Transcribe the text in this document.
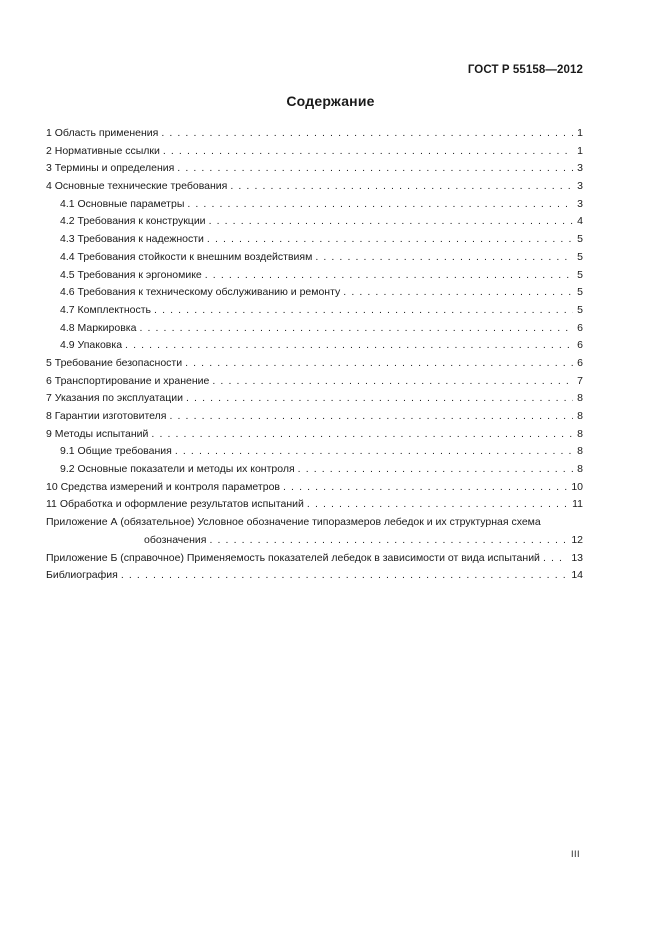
ГОСТ Р 55158—2012
Содержание
1 Область применения . . .	1
2 Нормативные ссылки . . .	1
3 Термины и определения . . .	3
4 Основные технические требования . . .	3
4.1 Основные параметры . . .	3
4.2 Требования к конструкции . . .	4
4.3 Требования к надежности . . .	5
4.4 Требования стойкости к внешним воздействиям . . .	5
4.5 Требования к эргономике . . .	5
4.6 Требования к техническому обслуживанию и ремонту . . .	5
4.7 Комплектность . . .	5
4.8 Маркировка . . .	6
4.9 Упаковка . . .	6
5 Требование безопасности . . .	6
6 Транспортирование и хранение . . .	7
7 Указания по эксплуатации . . .	8
8 Гарантии изготовителя . . .	8
9 Методы испытаний . . .	8
9.1 Общие требования . . .	8
9.2 Основные показатели и методы их контроля . . .	8
10 Средства измерений и контроля параметров . . .	10
11 Обработка и оформление результатов испытаний . . .	11
Приложение А (обязательное) Условное обозначение типоразмеров лебедок и их структурная схема
обозначения . . .	12
Приложение Б (справочное) Применяемость показателей лебедок в зависимости от вида испытаний . . .	13
Библиография . . .	14
III
